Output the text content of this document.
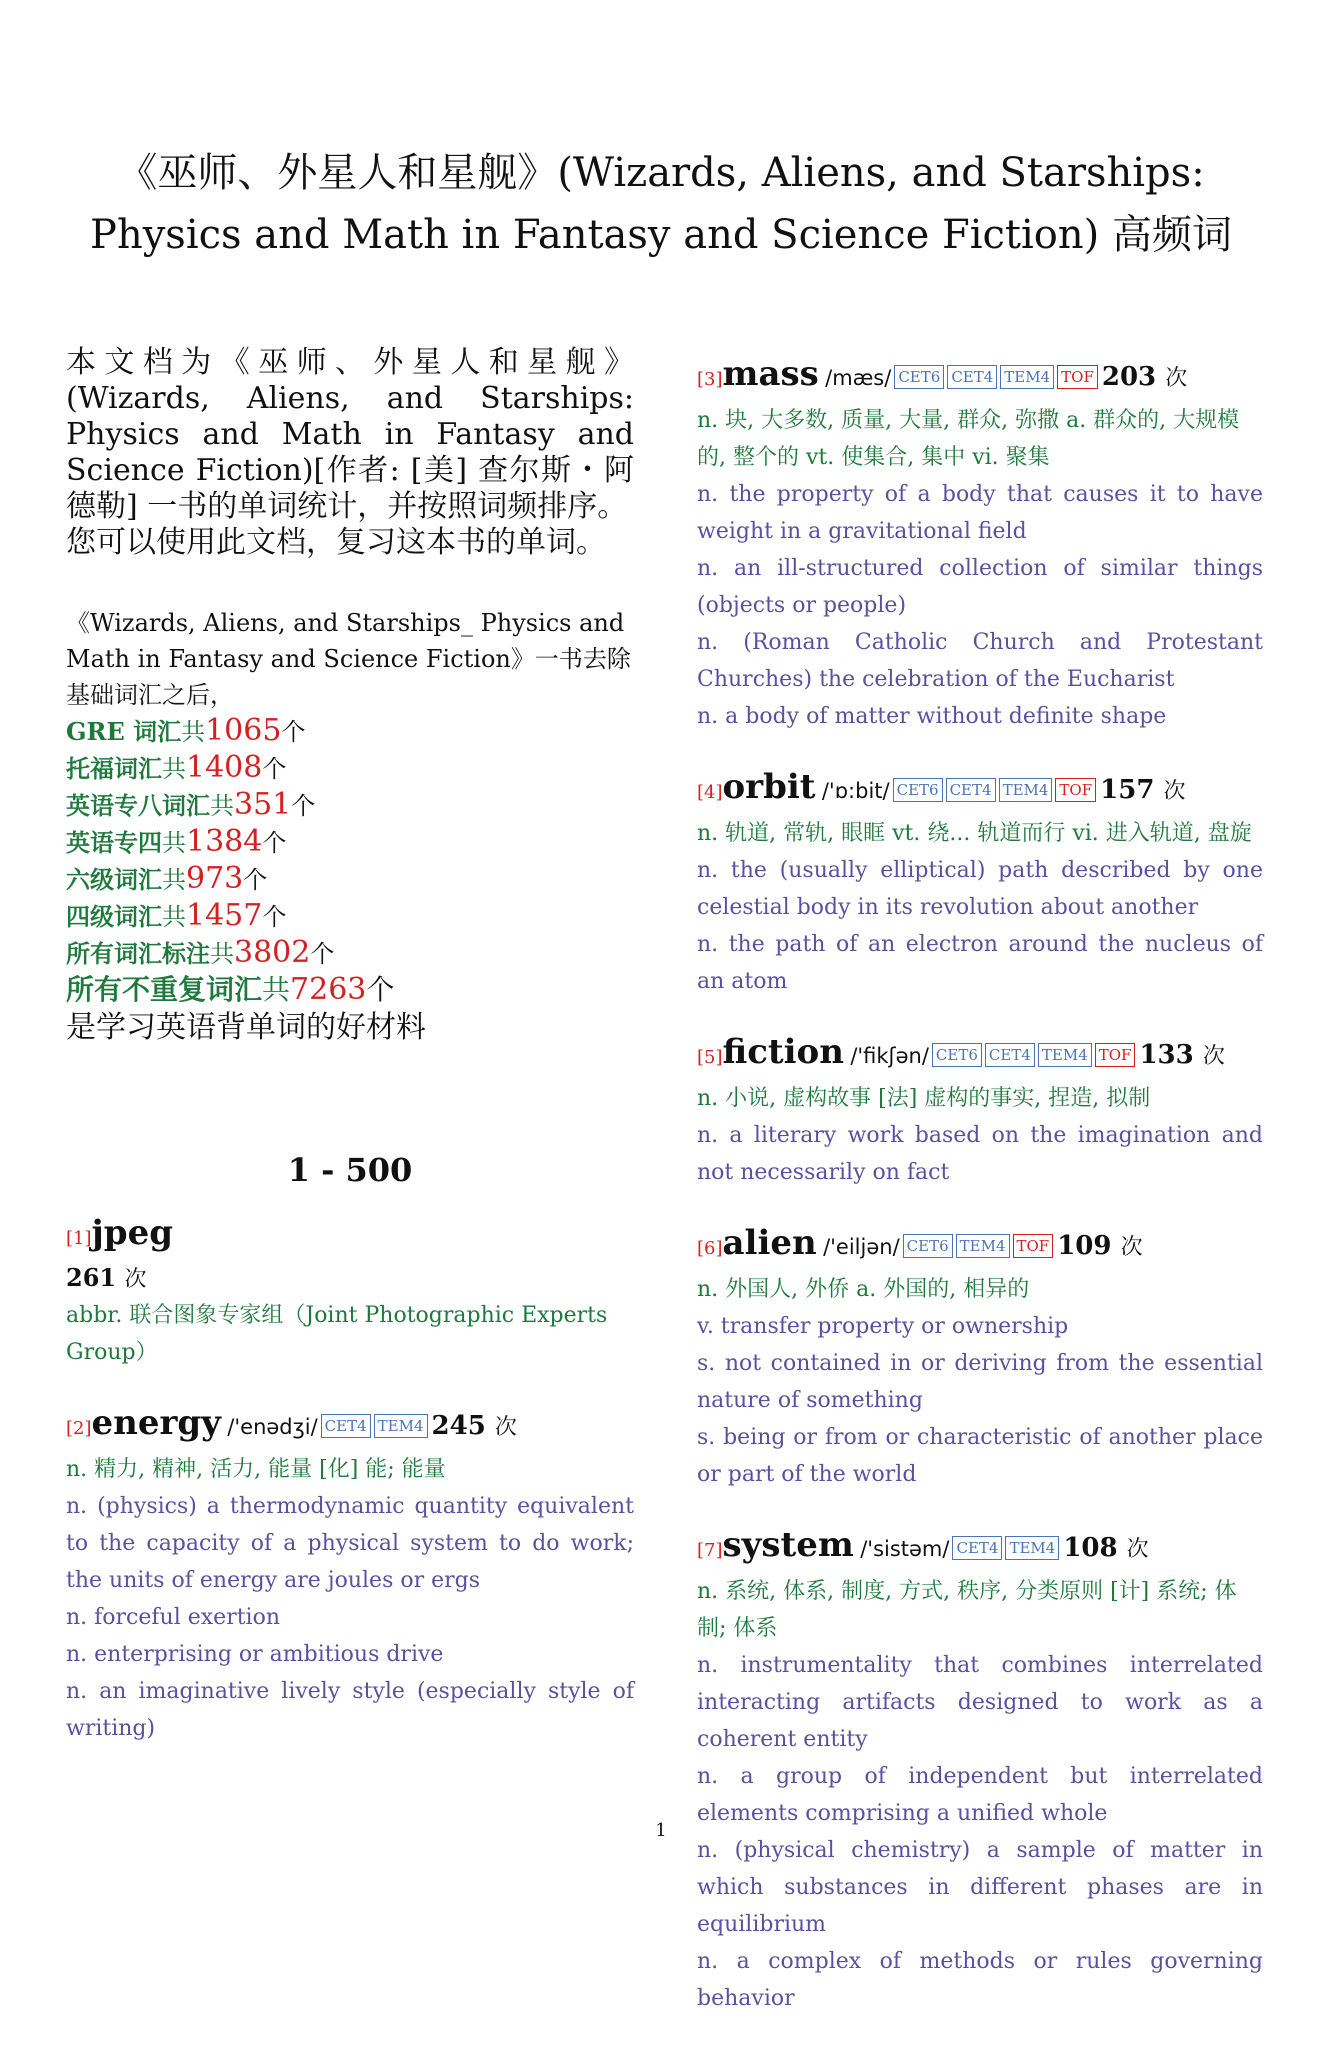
《巫师、外星人和星舰》(Wizards, Aliens, and Starships: Physics and Math in Fantasy and Science Fiction) 高频词

本文档为《巫师、外星人和星舰》(Wizards, Aliens, and Starships: Physics and Math in Fantasy and Science Fiction)[作者: [美] 查尔斯・阿德勒] 一书的单词统计，并按照词频排序。

您可以使用此文档，复习这本书的单词。

《Wizards, Aliens, and Starships_ Physics and Math in Fantasy and Science Fiction》一书去除基础词汇之后，

GRE 词汇共1065个

托福词汇共1408个

英语专八词汇共351个

英语专四共1384个

六级词汇共973个

四级词汇共1457个

所有词汇标注共3802个

所有不重复词汇共7263个

是学习英语背单词的好材料

1 - 500
[1]jpeg

261 次

abbr. 联合图象专家组（Joint Photographic Experts Group）

[2]energy /'enədʒi/ CET4 TEM4 245 次

n. 精力, 精神, 活力, 能量 [化] 能; 能量

n. (physics) a thermodynamic quantity equivalent to the capacity of a physical system to do work; the units of energy are joules or ergs

n. forceful exertion

n. enterprising or ambitious drive

n. an imaginative lively style (especially style of writing)

[3]mass /mæs/ CET6 CET4 TEM4 TOF 203 次

n. 块, 大多数, 质量, 大量, 群众, 弥撒 a. 群众的, 大规模的, 整个的 vt. 使集合, 集中 vi. 聚集

n. the property of a body that causes it to have weight in a gravitational field

n. an ill-structured collection of similar things (objects or people)

n. (Roman Catholic Church and Protestant Churches) the celebration of the Eucharist

n. a body of matter without definite shape

[4]orbit /'ɒ:bit/ CET6 CET4 TEM4 TOF 157 次

n. 轨道, 常轨, 眼眶 vt. 绕... 轨道而行 vi. 进入轨道, 盘旋

n. the (usually elliptical) path described by one celestial body in its revolution about another

n. the path of an electron around the nucleus of an atom

[5]fiction /'fikʃən/ CET6 CET4 TEM4 TOF 133 次

n. 小说, 虚构故事 [法] 虚构的事实, 捏造, 拟制

n. a literary work based on the imagination and not necessarily on fact

[6]alien /'eiljən/ CET6 TEM4 TOF 109 次

n. 外国人, 外侨 a. 外国的, 相异的

v. transfer property or ownership

s. not contained in or deriving from the essential nature of something

s. being or from or characteristic of another place or part of the world

[7]system /'sistəm/ CET4 TEM4 108 次

n. 系统, 体系, 制度, 方式, 秩序, 分类原则 [计] 系统; 体制; 体系

n. instrumentality that combines interrelated interacting artifacts designed to work as a coherent entity

n. a group of independent but interrelated elements comprising a unified whole

n. (physical chemistry) a sample of matter in which substances in different phases are in equilibrium

n. a complex of methods or rules governing behavior

1
